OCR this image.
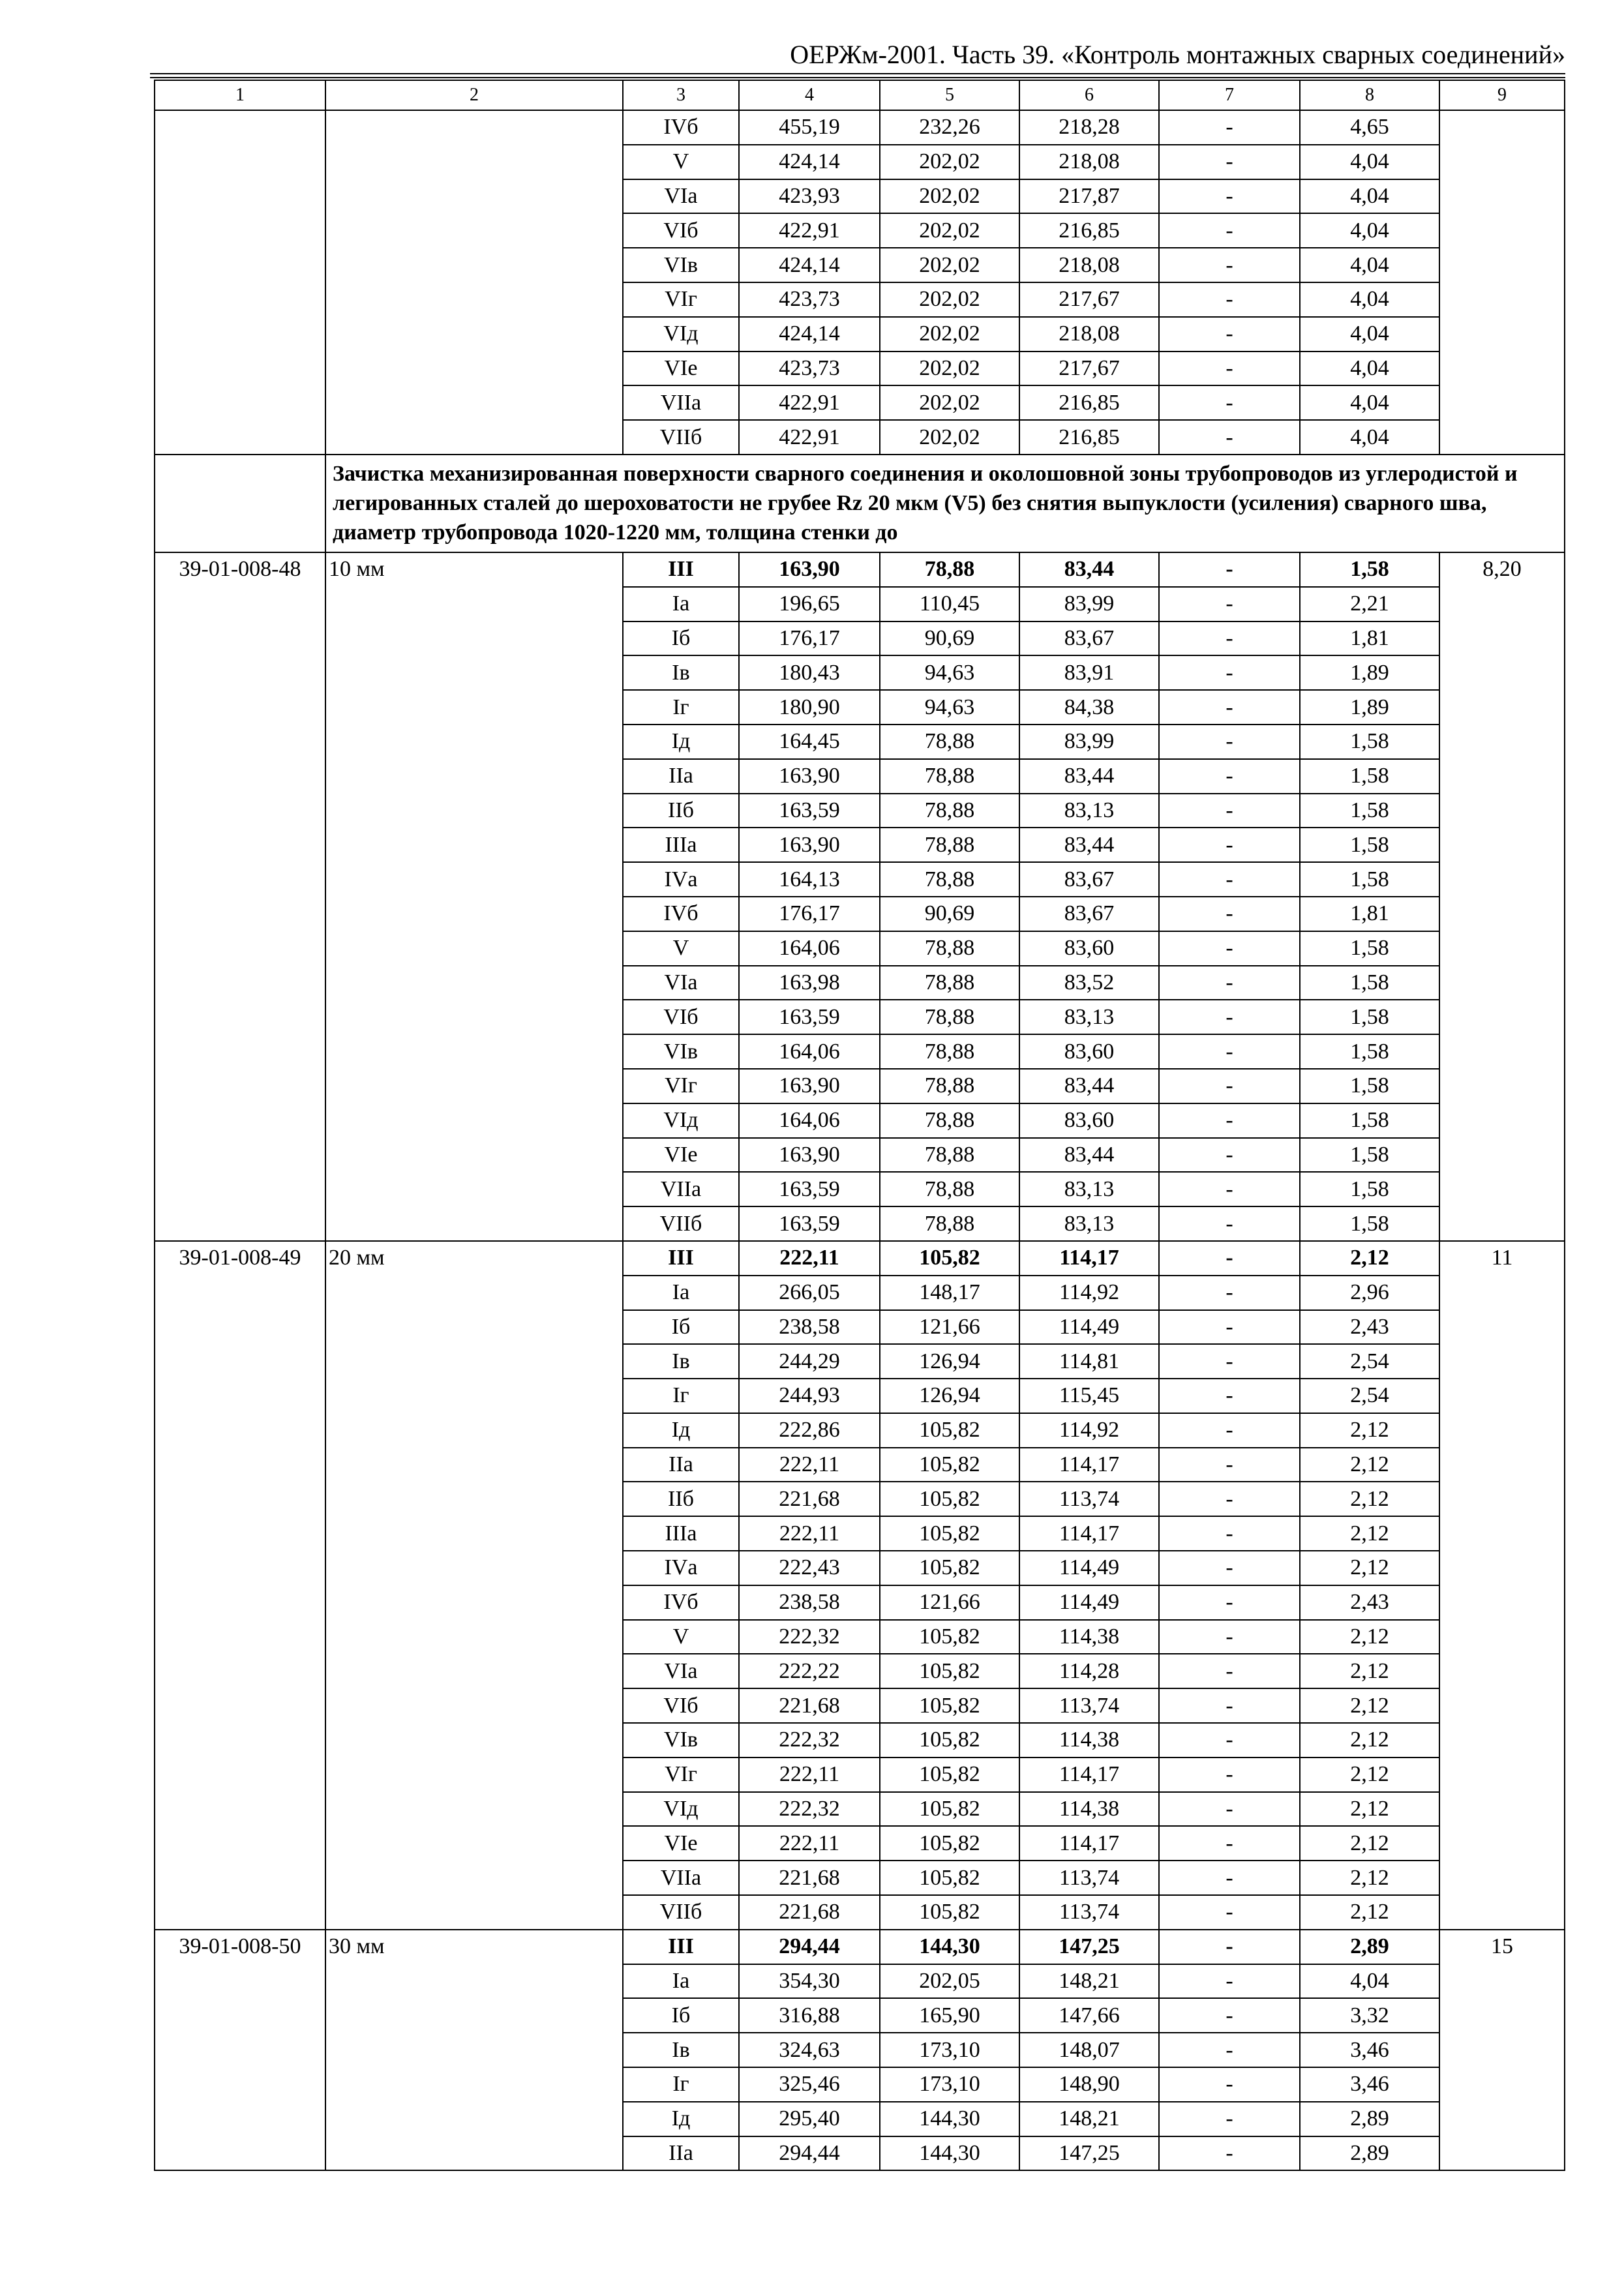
ОЕРЖм-2001. Часть 39. «Контроль монтажных сварных соединений»
1	2	3	4	5	6	7	8	9
		IVб	455,19	232,26	218,28	-	4,65	
		V	424,14	202,02	218,08	-	4,04	
		VIа	423,93	202,02	217,87	-	4,04	
		VIб	422,91	202,02	216,85	-	4,04	
		VIв	424,14	202,02	218,08	-	4,04	
		VIг	423,73	202,02	217,67	-	4,04	
		VIд	424,14	202,02	218,08	-	4,04	
		VIе	423,73	202,02	217,67	-	4,04	
		VIIа	422,91	202,02	216,85	-	4,04	
		VIIб	422,91	202,02	216,85	-	4,04	
	Зачистка механизированная поверхности сварного соединения и околошовной зоны трубопроводов из углеродистой и легированных сталей до шероховатости не грубее Rz 20 мкм (V5) без снятия выпуклости (усиления) сварного шва, диаметр трубопровода 1020-1220 мм, толщина стенки до							
39-01-008-48	10 мм	III	163,90	78,88	83,44	-	1,58	8,20
		Iа	196,65	110,45	83,99	-	2,21	
		Iб	176,17	90,69	83,67	-	1,81	
		Iв	180,43	94,63	83,91	-	1,89	
		Iг	180,90	94,63	84,38	-	1,89	
		Iд	164,45	78,88	83,99	-	1,58	
		IIа	163,90	78,88	83,44	-	1,58	
		IIб	163,59	78,88	83,13	-	1,58	
		IIIа	163,90	78,88	83,44	-	1,58	
		IVа	164,13	78,88	83,67	-	1,58	
		IVб	176,17	90,69	83,67	-	1,81	
		V	164,06	78,88	83,60	-	1,58	
		VIа	163,98	78,88	83,52	-	1,58	
		VIб	163,59	78,88	83,13	-	1,58	
		VIв	164,06	78,88	83,60	-	1,58	
		VIг	163,90	78,88	83,44	-	1,58	
		VIд	164,06	78,88	83,60	-	1,58	
		VIе	163,90	78,88	83,44	-	1,58	
		VIIа	163,59	78,88	83,13	-	1,58	
		VIIб	163,59	78,88	83,13	-	1,58	
39-01-008-49	20 мм	III	222,11	105,82	114,17	-	2,12	11
		Iа	266,05	148,17	114,92	-	2,96	
		Iб	238,58	121,66	114,49	-	2,43	
		Iв	244,29	126,94	114,81	-	2,54	
		Iг	244,93	126,94	115,45	-	2,54	
		Iд	222,86	105,82	114,92	-	2,12	
		IIа	222,11	105,82	114,17	-	2,12	
		IIб	221,68	105,82	113,74	-	2,12	
		IIIа	222,11	105,82	114,17	-	2,12	
		IVа	222,43	105,82	114,49	-	2,12	
		IVб	238,58	121,66	114,49	-	2,43	
		V	222,32	105,82	114,38	-	2,12	
		VIа	222,22	105,82	114,28	-	2,12	
		VIб	221,68	105,82	113,74	-	2,12	
		VIв	222,32	105,82	114,38	-	2,12	
		VIг	222,11	105,82	114,17	-	2,12	
		VIд	222,32	105,82	114,38	-	2,12	
		VIе	222,11	105,82	114,17	-	2,12	
		VIIа	221,68	105,82	113,74	-	2,12	
		VIIб	221,68	105,82	113,74	-	2,12	
39-01-008-50	30 мм	III	294,44	144,30	147,25	-	2,89	15
		Iа	354,30	202,05	148,21	-	4,04	
		Iб	316,88	165,90	147,66	-	3,32	
		Iв	324,63	173,10	148,07	-	3,46	
		Iг	325,46	173,10	148,90	-	3,46	
		Iд	295,40	144,30	148,21	-	2,89	
		IIа	294,44	144,30	147,25	-	2,89	
